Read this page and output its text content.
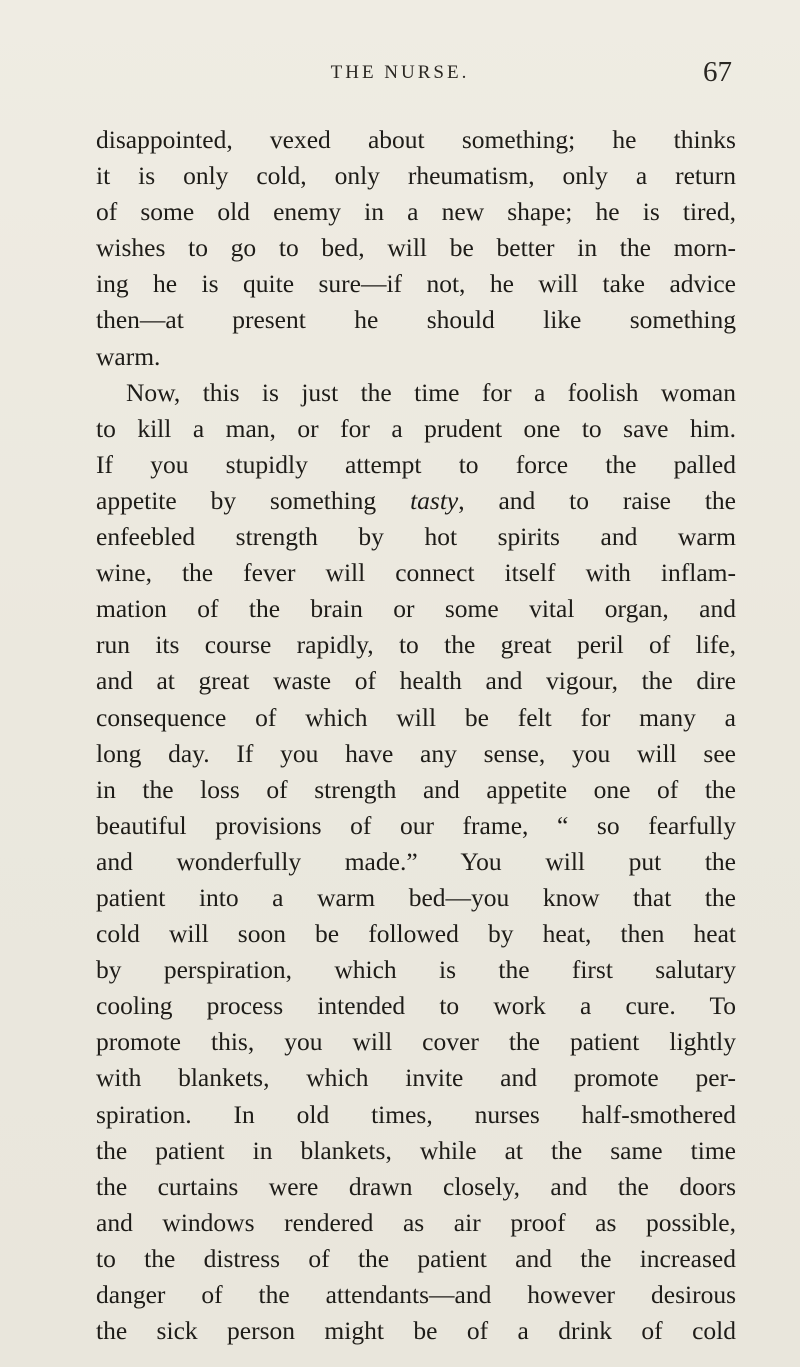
THE NURSE.	67
disappointed, vexed about something; he thinks
it is only cold, only rheumatism, only a return
of some old enemy in a new shape; he is tired,
wishes to go to bed, will be better in the morn-
ing he is quite sure—if not, he will take advice
then—at present he should like something
warm.
Now, this is just the time for a foolish woman
to kill a man, or for a prudent one to save him.
If you stupidly attempt to force the palled
appetite by something tasty, and to raise the
enfeebled strength by hot spirits and warm
wine, the fever will connect itself with inflam-
mation of the brain or some vital organ, and
run its course rapidly, to the great peril of life,
and at great waste of health and vigour, the dire
consequence of which will be felt for many a
long day. If you have any sense, you will see
in the loss of strength and appetite one of the
beautiful provisions of our frame, “ so fearfully
and wonderfully made.” You will put the
patient into a warm bed—you know that the
cold will soon be followed by heat, then heat
by perspiration, which is the first salutary
cooling process intended to work a cure. To
promote this, you will cover the patient lightly
with blankets, which invite and promote per-
spiration. In old times, nurses half-smothered
the patient in blankets, while at the same time
the curtains were drawn closely, and the doors
and windows rendered as air proof as possible,
to the distress of the patient and the increased
danger of the attendants—and however desirous
the sick person might be of a drink of cold
